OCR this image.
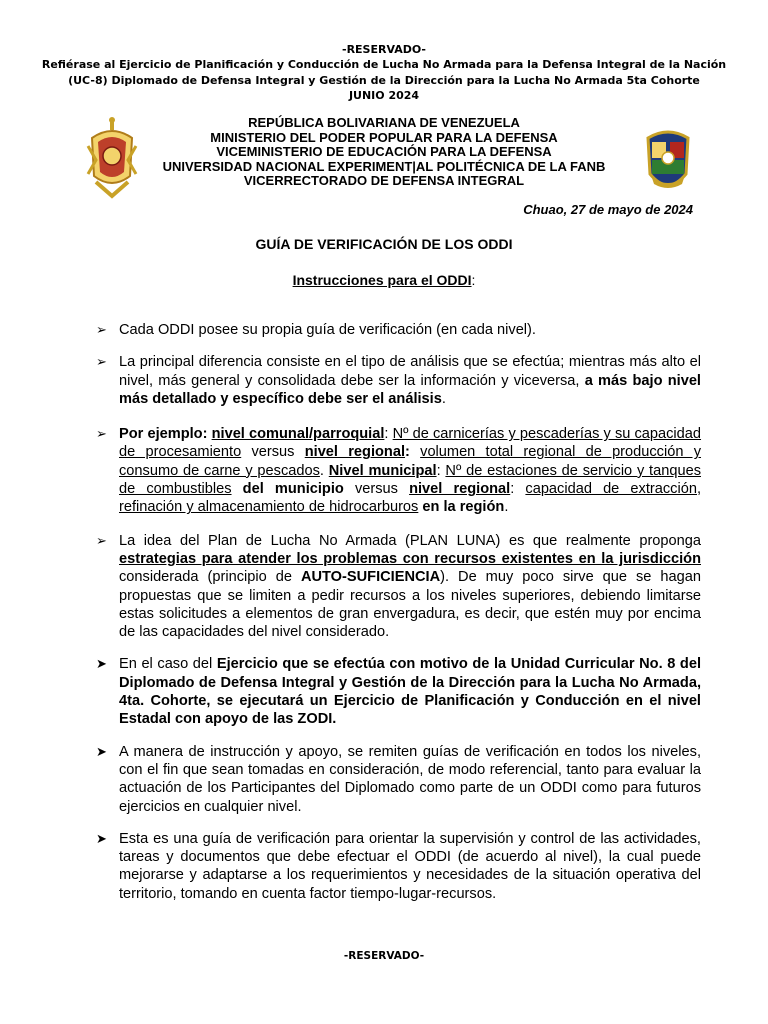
-RESERVADO-
Refiérase al Ejercicio de Planificación y Conducción de Lucha No Armada para la Defensa Integral de la Nación
(UC-8) Diplomado de Defensa Integral y Gestión de la Dirección para la Lucha No Armada 5ta Cohorte
JUNIO 2024
REPÚBLICA BOLIVARIANA DE VENEZUELA
MINISTERIO DEL PODER POPULAR PARA LA DEFENSA
VICEMINISTERIO DE EDUCACIÓN PARA LA DEFENSA
UNIVERSIDAD NACIONAL EXPERIMENT|AL POLITÉCNICA DE LA FANB
VICERRECTORADO DE DEFENSA INTEGRAL
Chuao, 27 de mayo de 2024
GUÍA DE VERIFICACIÓN DE LOS ODDI
Instrucciones para el ODDI:
➢ Cada ODDI posee su propia guía de verificación (en cada nivel).
➢ La principal diferencia consiste en el tipo de análisis que se efectúa; mientras más alto el nivel, más general y consolidada debe ser la información y viceversa, a más bajo nivel más detallado y específico debe ser el análisis.
➢ Por ejemplo: nivel comunal/parroquial: Nº de carnicerías y pescaderías y su capacidad de procesamiento versus nivel regional: volumen total regional de producción y consumo de carne y pescados. Nivel municipal: Nº de estaciones de servicio y tanques de combustibles del municipio versus nivel regional: capacidad de extracción, refinación y almacenamiento de hidrocarburos en la región.
➢ La idea del Plan de Lucha No Armada (PLAN LUNA) es que realmente proponga estrategias para atender los problemas con recursos existentes en la jurisdicción considerada (principio de AUTO-SUFICIENCIA). De muy poco sirve que se hagan propuestas que se limiten a pedir recursos a los niveles superiores, debiendo limitarse estas solicitudes a elementos de gran envergadura, es decir, que estén muy por encima de las capacidades del nivel considerado.
➤ En el caso del Ejercicio que se efectúa con motivo de la Unidad Curricular No. 8 del Diplomado de Defensa Integral y Gestión de la Dirección para la Lucha No Armada, 4ta. Cohorte, se ejecutará un Ejercicio de Planificación y Conducción en el nivel Estadal con apoyo de las ZODI.
➤ A manera de instrucción y apoyo, se remiten guías de verificación en todos los niveles, con el fin que sean tomadas en consideración, de modo referencial, tanto para evaluar la actuación de los Participantes del Diplomado como parte de un ODDI como para futuros ejercicios en cualquier nivel.
➤ Esta es una guía de verificación para orientar la supervisión y control de las actividades, tareas y documentos que debe efectuar el ODDI (de acuerdo al nivel), la cual puede mejorarse y adaptarse a los requerimientos y necesidades de la situación operativa del territorio, tomando en cuenta factor tiempo-lugar-recursos.
-RESERVADO-
